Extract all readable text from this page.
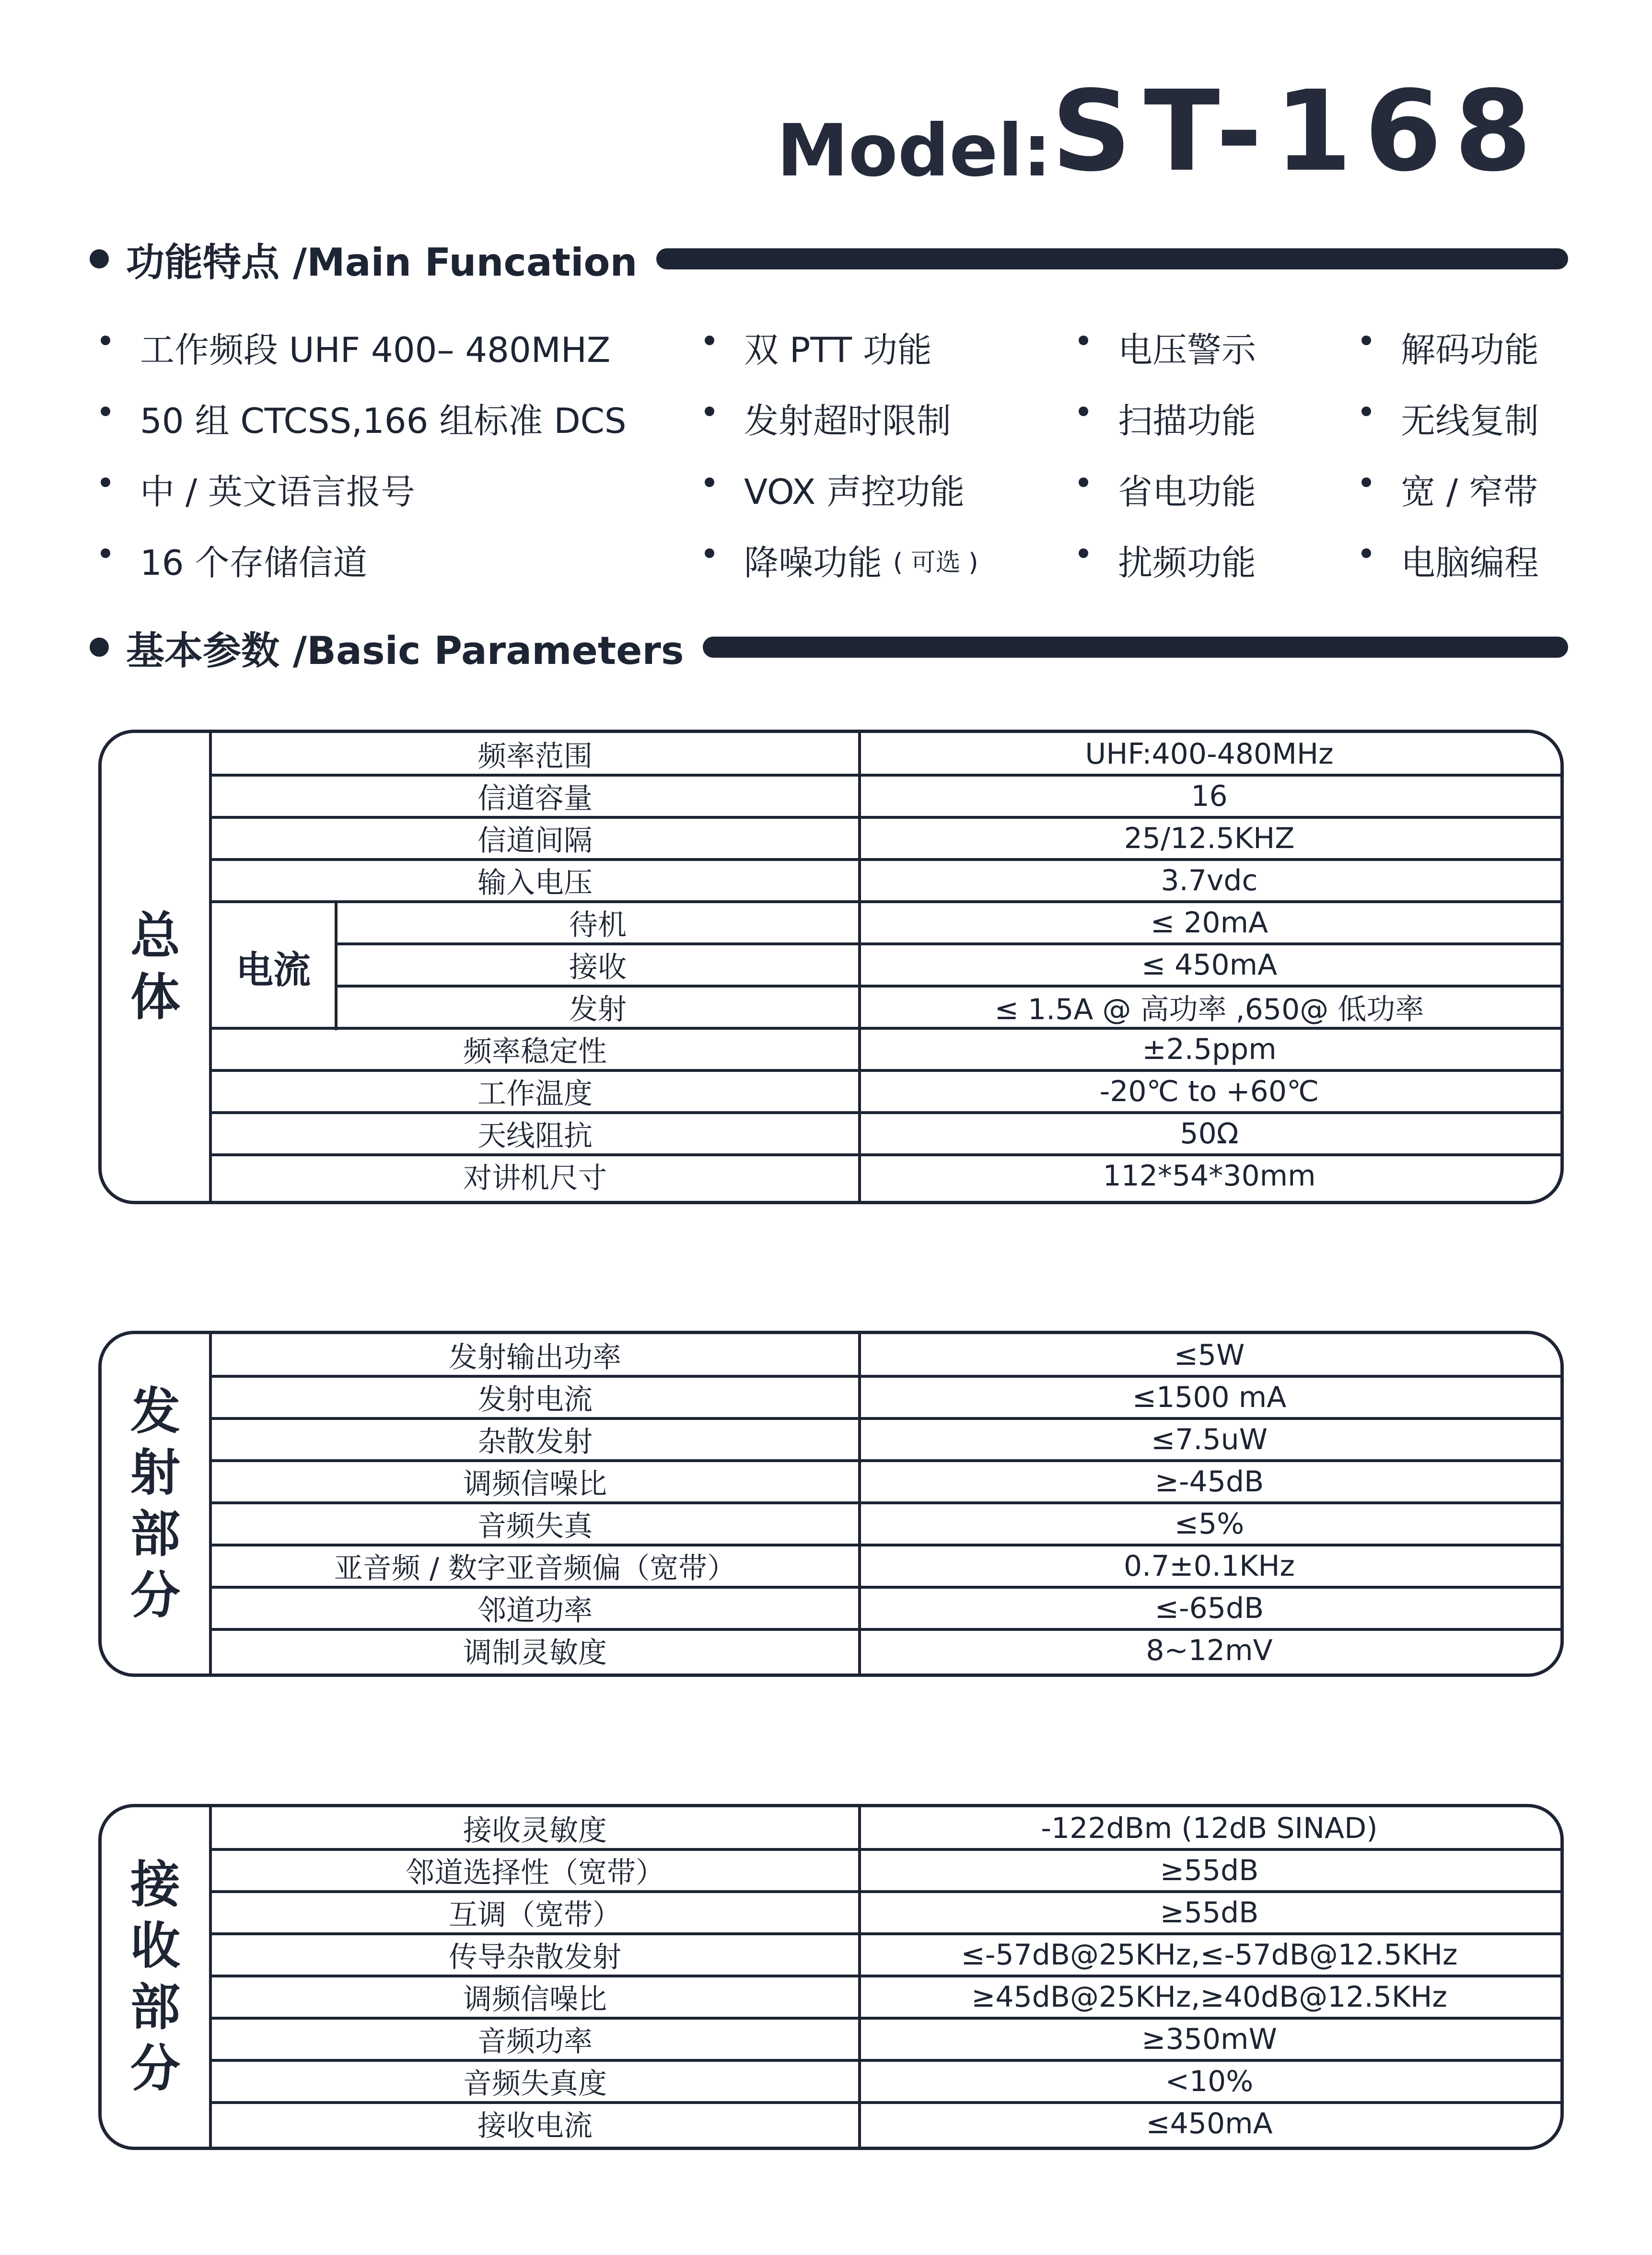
Model: ST-168
功能特点 /Main Funcation
工作频段 UHF 400– 480MHZ
50 组 CTCSS,166 组标准 DCS
中 / 英文语言报号
16 个存储信道
双 PTT 功能
发射超时限制
VOX 声控功能
降噪功能
( 可选 )
电压警示
扫描功能
省电功能
扰频功能
解码功能
无线复制
宽 / 窄带
电脑编程
基本参数 /Basic Parameters
总
体 电流
频率范围	UHF:400-480MHz
信道容量	16
信道间隔	25/12.5KHZ
输入电压	3.7vdc
待机	≤ 20mA
接收	≤ 450mA
发射	≤ 1.5A @ 高功率 ,650@ 低功率
频率稳定性	±2.5ppm
工作温度	-20℃ to +60℃
天线阻抗	50Ω
对讲机尺寸	112*54*30mm
发
射
部
分
发射输出功率	≤5W
发射电流	≤1500 mA
杂散发射	≤7.5uW
调频信噪比	≥-45dB
音频失真	≤5%
亚音频 / 数字亚音频偏（宽带）	0.7±0.1KHz
邻道功率	≤-65dB
调制灵敏度	8~12mV
接
收
部
分
接收灵敏度	-122dBm (12dB SINAD)
邻道选择性（宽带）	≥55dB
互调（宽带）	≥55dB
传导杂散发射	≤-57dB@25KHz,≤-57dB@12.5KHz
调频信噪比	≥45dB@25KHz,≥40dB@12.5KHz
音频功率	≥350mW
音频失真度	<10%
接收电流	≤450mA
